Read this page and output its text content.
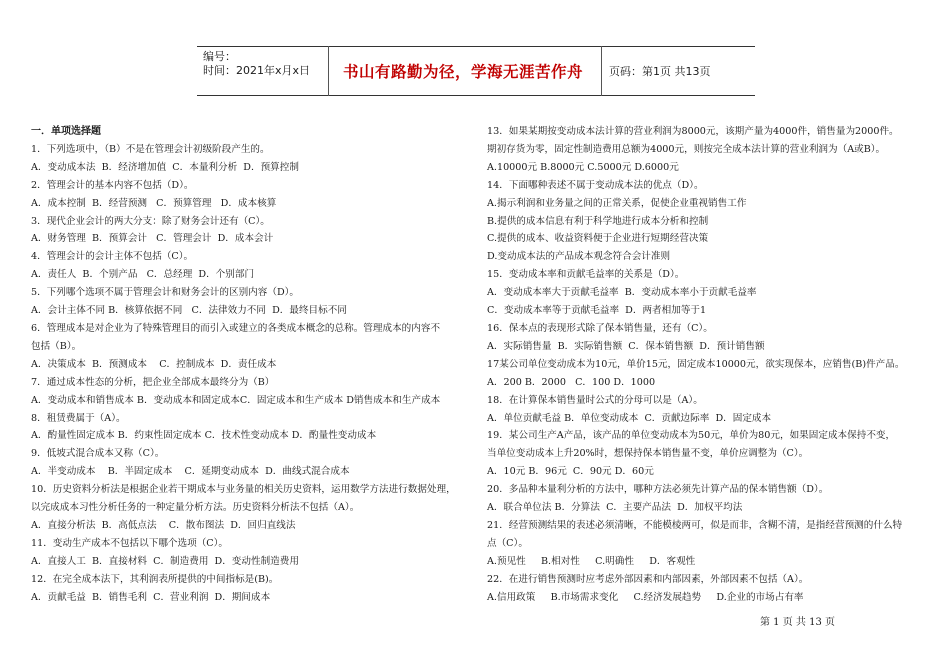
编号：
时间：2021年x月x日	书山有路勤为径，学海无涯苦作舟	页码：第1页 共13页

一．单项选择题

1．下列选项中，（B）不是在管理会计初级阶段产生的。

A．变动成本法  B．经济增加值  C．本量利分析  D．预算控制

2．管理会计的基本内容不包括（D）。

A．成本控制  B．经营预测   C．预算管理   D．成本核算

3．现代企业会计的两大分支：除了财务会计还有（C）。

A．财务管理  B．预算会计   C．管理会计  D．成本会计

4．管理会计的会计主体不包括（C）。

A．责任人  B．个别产品   C．总经理  D．个别部门

5．下列哪个选项不属于管理会计和财务会计的区别内容（D）。

A．会计主体不同 B．核算依据不同   C．法律效力不同  D．最终目标不同

6．管理成本是对企业为了特殊管理目的而引入或建立的各类成本概念的总称。管理成本的内容不

包括（B）。

A．决策成本  B．预测成本    C．控制成本  D．责任成本

7．通过成本性态的分析，把企业全部成本最终分为（B）

A．变动成本和销售成本 B．变动成本和固定成本C．固定成本和生产成本 D销售成本和生产成本

8．租赁费属于（A）。

A．酌量性固定成本 B．约束性固定成本 C．技术性变动成本 D．酌量性变动成本

9．低坡式混合成本又称（C）。

A．半变动成本    B．半固定成本    C．延期变动成本  D．曲线式混合成本

10．历史资料分析法是根据企业若干期成本与业务量的相关历史资料，运用数学方法进行数据处理，

以完成成本习性分析任务的一种定量分析方法。历史资料分析法不包括（A）。

A．直接分析法  B．高低点法    C．散布图法  D．回归直线法

11．变动生产成本不包括以下哪个选项（C）。

A．直接人工  B．直接材料  C．制造费用  D．变动性制造费用

12．在完全成本法下，其利润表所提供的中间指标是(B)。

A．贡献毛益  B．销售毛利  C．营业利润  D．期间成本

13．如果某期按变动成本法计算的营业利润为8000元，该期产量为4000件，销售量为2000件。

期初存货为零，固定性制造费用总额为4000元，则按完全成本法计算的营业利润为（A或B）。

A.10000元 B.8000元 C.5000元 D.6000元

14．下面哪种表述不属于变动成本法的优点（D）。

A.揭示利润和业务量之间的正常关系，促使企业重视销售工作

B.提供的成本信息有利于科学地进行成本分析和控制

C.提供的成本、收益资料便于企业进行短期经营决策

D.变动成本法的产品成本观念符合会计准则

15．变动成本率和贡献毛益率的关系是（D）。

A．变动成本率大于贡献毛益率  B．变动成本率小于贡献毛益率

C．变动成本率等于贡献毛益率  D．两者相加等于1

16．保本点的表现形式除了保本销售量，还有（C）。

A．实际销售量  B．实际销售额  C．保本销售额  D．预计销售额

17某公司单位变动成本为10元，单价15元，固定成本10000元，欲实现保本，应销售(B)件产品。

A．200 B．2000   C．100 D．1000

18．在计算保本销售量时公式的分母可以是（A）。

A．单位贡献毛益 B．单位变动成本  C．贡献边际率  D．固定成本

19．某公司生产A产品，该产品的单位变动成本为50元，单价为80元，如果固定成本保持不变，

当单位变动成本上升20%时，想保持保本销售量不变，单价应调整为（C）。

A．10元 B．96元  C．90元 D．60元

20．多品种本量利分析的方法中，哪种方法必须先计算产品的保本销售额（D）。

A．联合单位法 B．分算法  C．主要产品法  D．加权平均法

21．经营预测结果的表述必须清晰，不能模棱两可，似是而非，含糊不清，是指经营预测的什么特

点（C）。

A.预见性     B.相对性     C.明确性     D．客观性

22．在进行销售预测时应考虑外部因素和内部因素，外部因素不包括（A）。

A.信用政策     B.市场需求变化     C.经济发展趋势     D.企业的市场占有率

第 1 页 共 13 页
